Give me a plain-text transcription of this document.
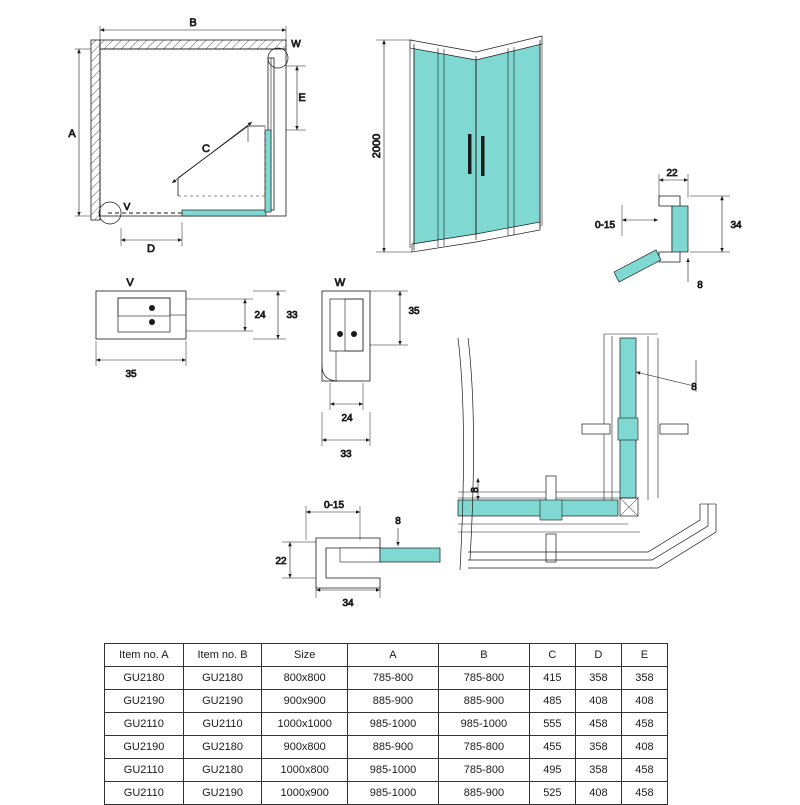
C
B
A
E
D
V
W
2000
V
24 33
35
W
35
24
33
22
34
8
0-15
0-15
8
22
34
8
8
Item no. A	Item no. B	Size	A	B	C	D	E
GU2180	GU2180	800x800	785-800	785-800	415	358	358
GU2190	GU2190	900x900	885-900	885-900	485	408	408
GU2110	GU2110	1000x1000	985-1000	985-1000	555	458	458
GU2190	GU2180	900x800	885-900	785-800	455	358	408
GU2110	GU2180	1000x800	985-1000	785-800	495	358	458
GU2110	GU2190	1000x900	985-1000	885-900	525	408	458
